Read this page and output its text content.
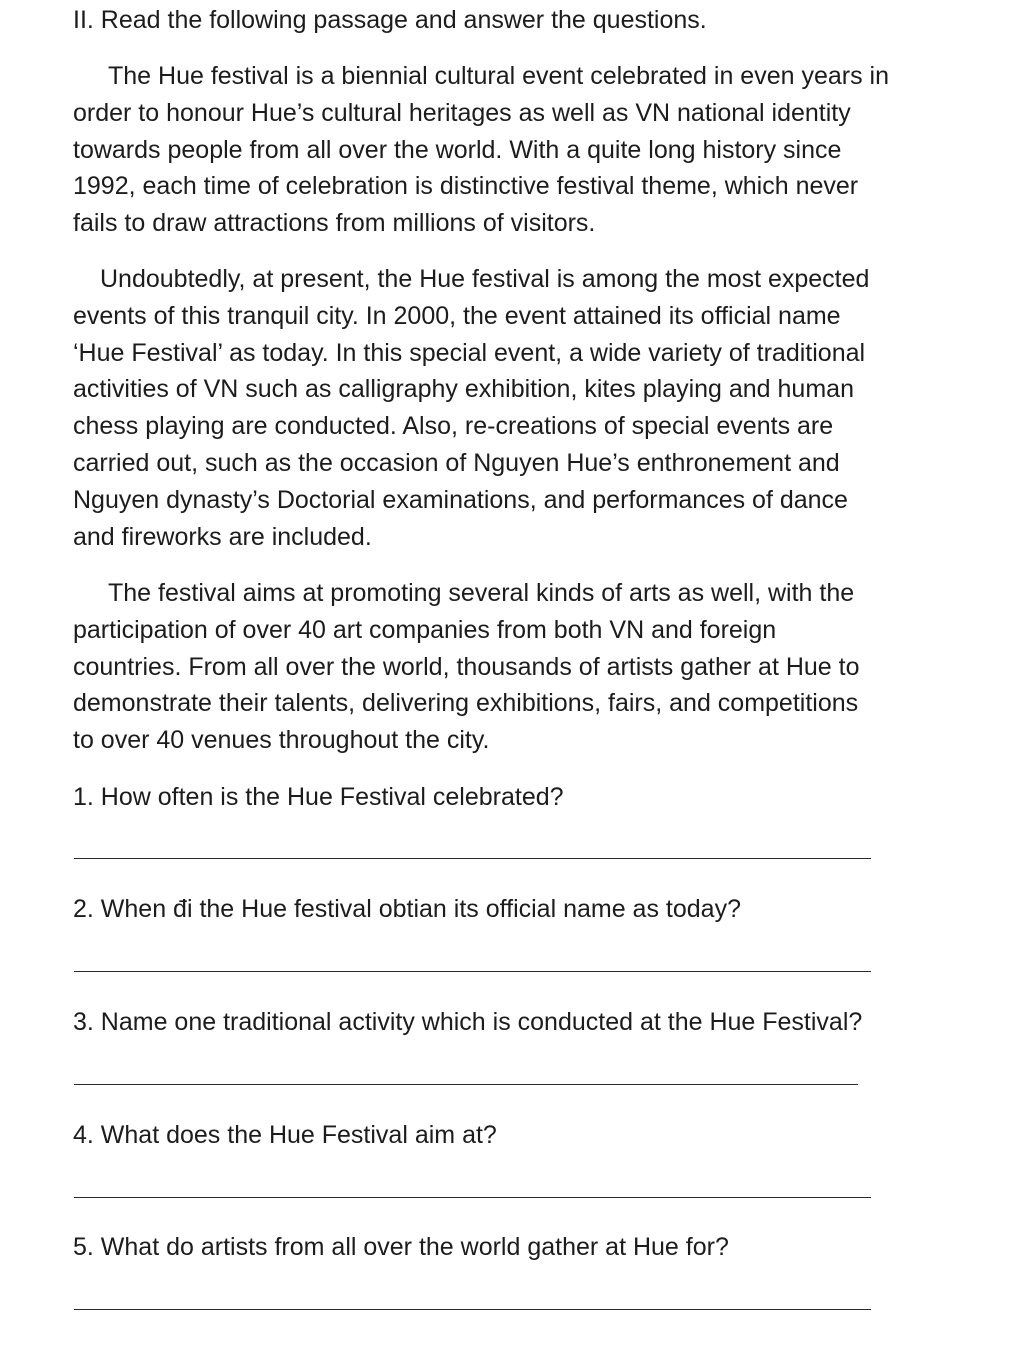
II. Read the following passage and answer the questions.

The Hue festival is a biennial cultural event celebrated in even years in
order to honour Hue’s cultural heritages as well as VN national identity
towards people from all over the world. With a quite long history since
1992, each time of celebration is distinctive festival theme, which never
fails to draw attractions from millions of visitors.

Undoubtedly, at present, the Hue festival is among the most expected
events of this tranquil city. In 2000, the event attained its official name
‘Hue Festival’ as today. In this special event, a wide variety of traditional
activities of VN such as calligraphy exhibition, kites playing and human
chess playing are conducted. Also, re-creations of special events are
carried out, such as the occasion of Nguyen Hue’s enthronement and
Nguyen dynasty’s Doctorial examinations, and performances of dance
and fireworks are included.

The festival aims at promoting several kinds of arts as well, with the
participation of over 40 art companies from both VN and foreign
countries. From all over the world, thousands of artists gather at Hue to
demonstrate their talents, delivering exhibitions, fairs, and competitions
to over 40 venues throughout the city.

1. How often is the Hue Festival celebrated?
2. When đi the Hue festival obtian its official name as today?
3. Name one traditional activity which is conducted at the Hue Festival?
4. What does the Hue Festival aim at?
5. What do artists from all over the world gather at Hue for?
